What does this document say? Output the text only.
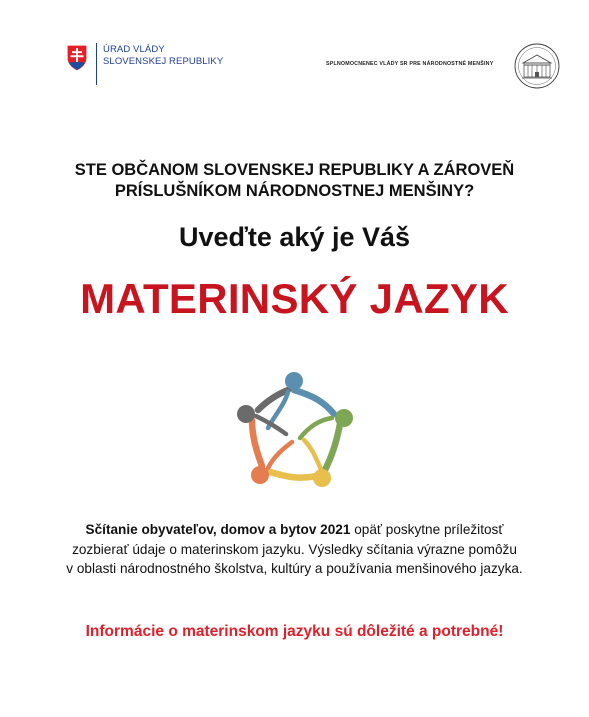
ÚRAD VLÁDY
SLOVENSKEJ REPUBLIKY	SPLNOMOCNENEC VLÁDY SR PRE NÁRODNOSTNÉ MENŠINY
STE OBČANOM SLOVENSKEJ REPUBLIKY A ZÁROVEŇ
PRÍSLUŠNÍKOM NÁRODNOSTNEJ MENŠINY?
Uveďte aký je Váš
MATERINSKÝ JAZYK
Sčítanie obyvateľov, domov a bytov 2021 opäť poskytne príležitosť
zozbierať údaje o materinskom jazyku. Výsledky sčítania výrazne pomôžu
v oblasti národnostného školstva, kultúry a používania menšinového jazyka.
Informácie o materinskom jazyku sú dôležité a potrebné!
